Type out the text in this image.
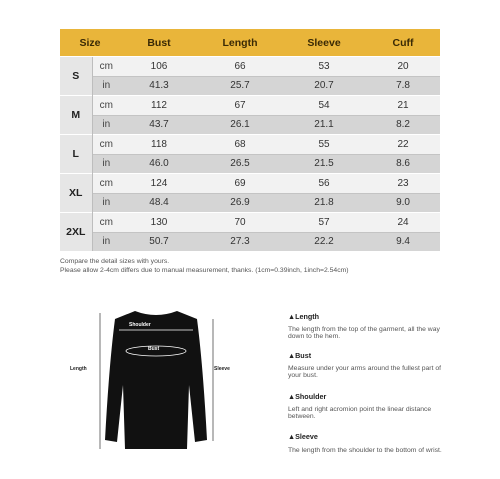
Size		Bust	Length	Sleeve	Cuff
S	cm	106	66	53	20
	in	41.3	25.7	20.7	7.8
M	cm	112	67	54	21
	in	43.7	26.1	21.1	8.2
L	cm	118	68	55	22
	in	46.0	26.5	21.5	8.6
XL	cm	124	69	56	23
	in	48.4	26.9	21.8	9.0
2XL	cm	130	70	57	24
	in	50.7	27.3	22.2	9.4
Compare the detail sizes with yours.
Please allow 2-4cm differs due to manual measurement, thanks. (1cm=0.39inch, 1inch=2.54cm)
Shoulder
Bust
Length	Sleeve
▲Length
The length from the top of the garment, all the way down to the hem.
▲Bust
Measure under your arms around the fullest part of your bust.
▲Shoulder
Left and right acromion point the linear distance between.
▲Sleeve
The length from the shoulder to the bottom of wrist.
